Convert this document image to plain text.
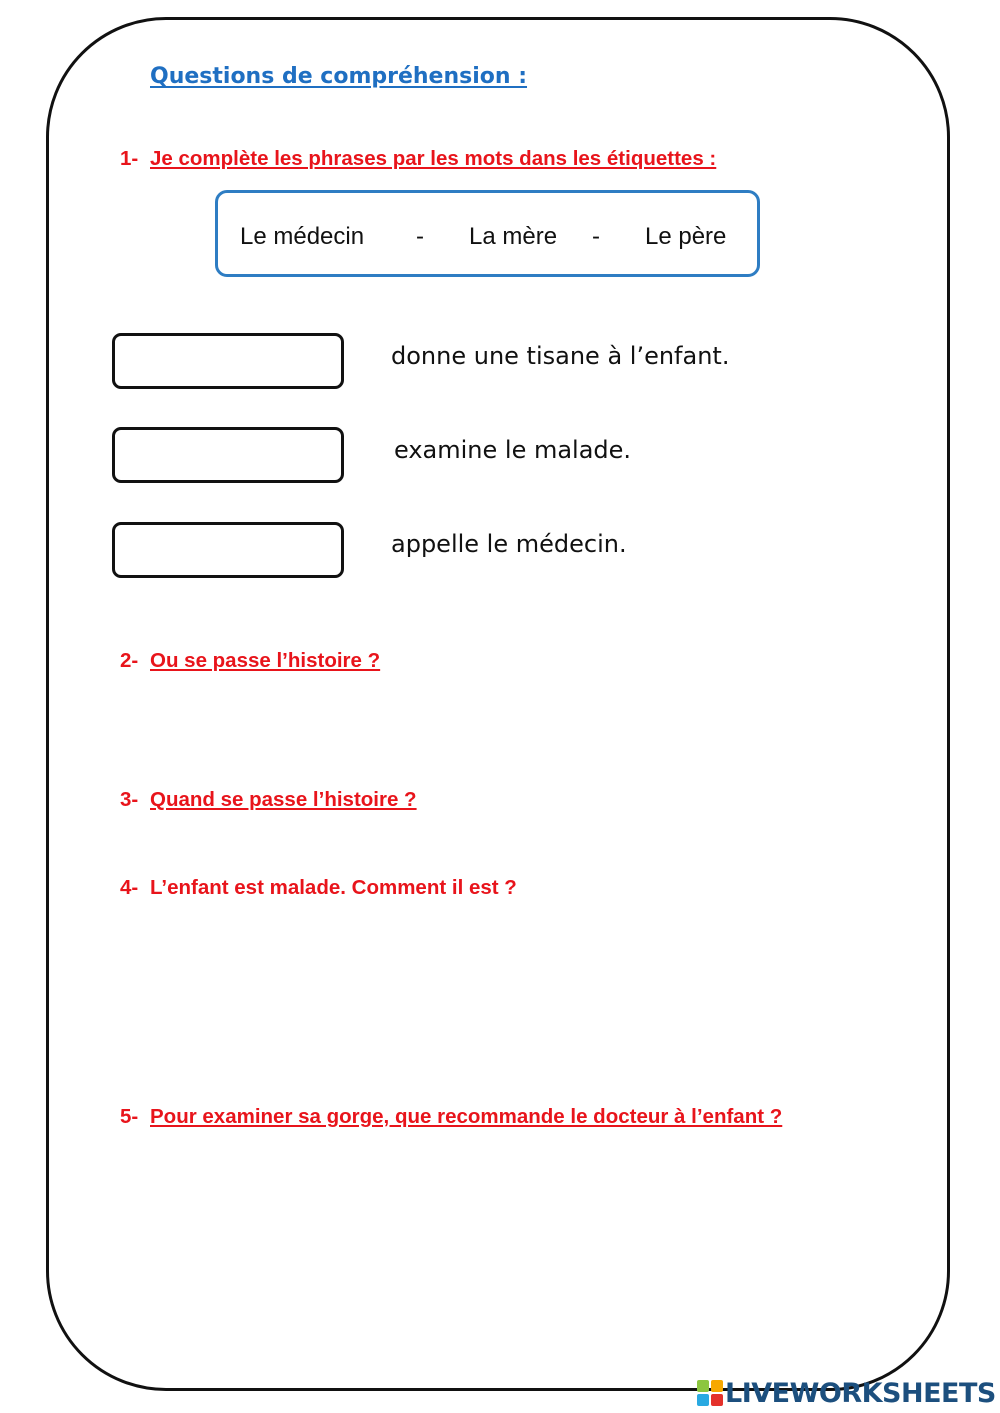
Questions de compréhension :
1- Je complète les phrases par les mots dans les étiquettes :
Le médecin - La mère - Le père
donne une tisane à l’enfant.
examine le malade.
appelle le médecin.
2- Ou se passe l’histoire ?
3- Quand se passe l’histoire ?
4- L’enfant est malade. Comment il est ?
5- Pour examiner sa gorge, que recommande le docteur à l’enfant ?
LIVEWORKSHEETS
